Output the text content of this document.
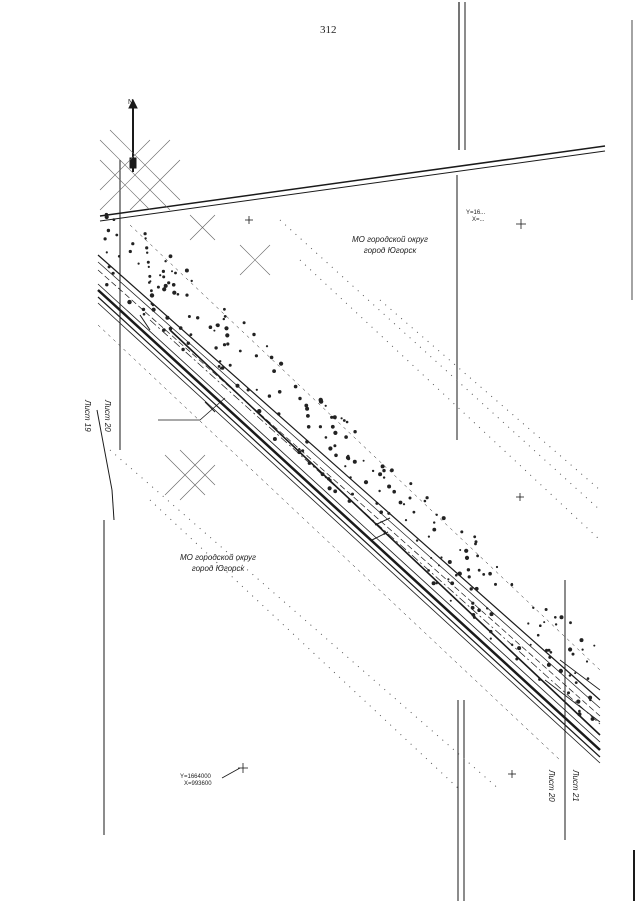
N
312
МО городской округ
город Югорск
МО городской округ
город Югорск
Лист 19 Лист 20
Лист 20 Лист 21
Y=16...
X=...
Y=1664000
X=993600
